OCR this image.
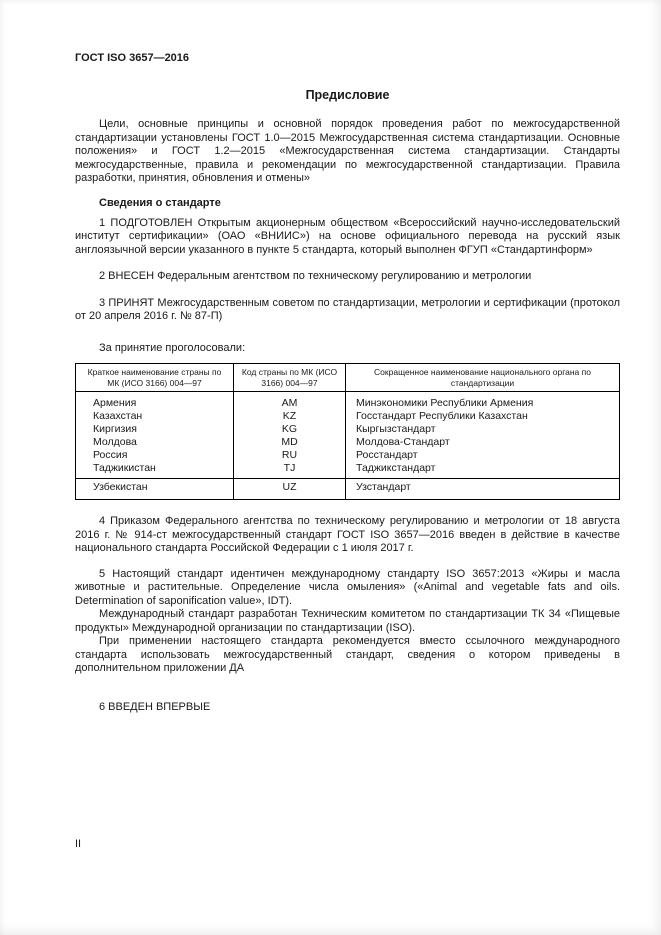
ГОСТ ISO 3657—2016
Предисловие

Цели, основные принципы и основной порядок проведения работ по межгосударственной стандартизации установлены ГОСТ 1.0—2015 Межгосударственная система стандартизации. Основные положения» и ГОСТ 1.2—2015 «Межгосударственная система стандартизации. Стандарты межгосударственные, правила и рекомендации по межгосударственной стандартизации. Правила разработки, принятия, обновления и отмены»

Сведения о стандарте

1 ПОДГОТОВЛЕН Открытым акционерным обществом «Всероссийский научно-исследовательский институт сертификации» (ОАО «ВНИИС») на основе официального перевода на русский язык англоязычной версии указанного в пункте 5 стандарта, который выполнен ФГУП «Стандартинформ»

2 ВНЕСЕН Федеральным агентством по техническому регулированию и метрологии

3 ПРИНЯТ Межгосударственным советом по стандартизации, метрологии и сертификации (протокол от 20 апреля 2016 г. № 87-П)

За принятие проголосовали:

Краткое наименование страны по МК (ИСО 3166) 004—97	Код страны по МК (ИСО 3166) 004—97	Сокращенное наименование национального органа по стандартизации
Армения	AM	Минэкономики Республики Армения
Казахстан	KZ	Госстандарт Республики Казахстан
Киргизия	KG	Кыргызстандарт
Молдова	MD	Молдова-Стандарт
Россия	RU	Росстандарт
Таджикистан	TJ	Таджикстандарт
Узбекистан	UZ	Узстандарт

4 Приказом Федерального агентства по техническому регулированию и метрологии от 18 августа 2016 г. № 914-ст межгосударственный стандарт ГОСТ ISO 3657—2016 введен в действие в качестве национального стандарта Российской Федерации с 1 июля 2017 г.

5 Настоящий стандарт идентичен международному стандарту ISO 3657:2013 «Жиры и масла животные и растительные. Определение числа омыления» («Animal and vegetable fats and oils. Determination of saponification value», IDT).

Международный стандарт разработан Техническим комитетом по стандартизации ТК 34 «Пищевые продукты» Международной организации по стандартизации (ISO).

При применении настоящего стандарта рекомендуется вместо ссылочного международного стандарта использовать межгосударственный стандарт, сведения о котором приведены в дополнительном приложении ДА

6 ВВЕДЕН ВПЕРВЫЕ

II
